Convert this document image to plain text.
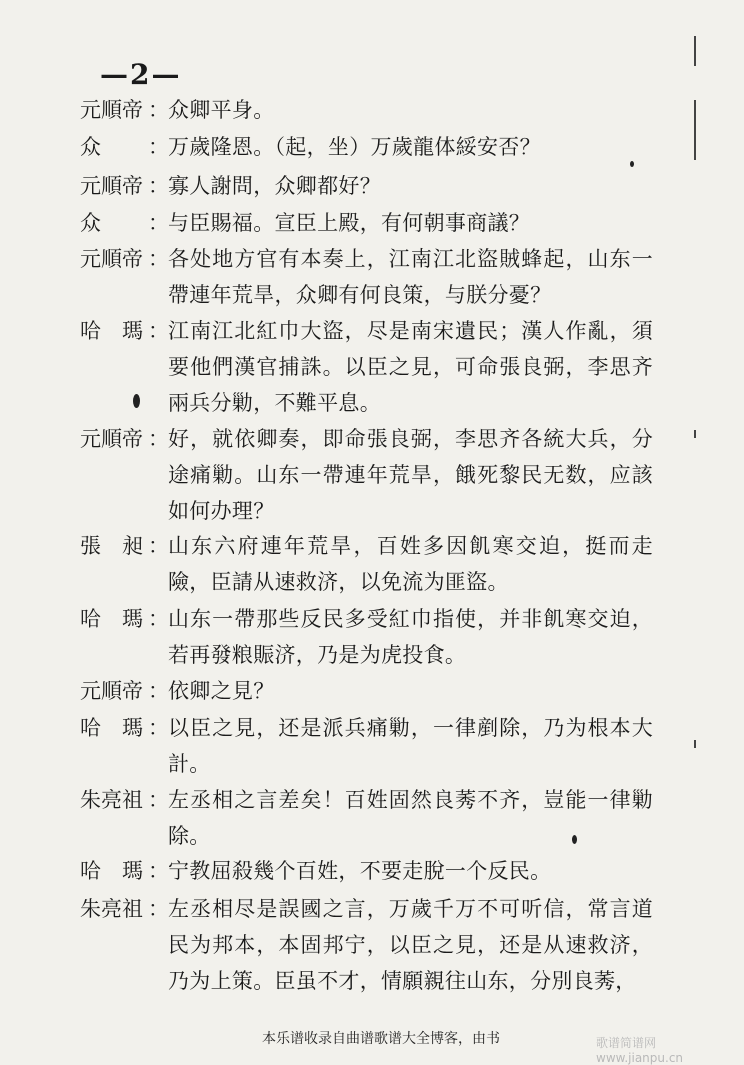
—2—
元順帝 ： 众卿平身。
众	： 万歲隆恩。（起，坐）万歲龍体綏安否？
元順帝 ： 寡人謝問，众卿都好？
众	： 与臣賜福。宣臣上殿，有何朝事商議？
元順帝 ： 各处地方官有本奏上，江南江北盜賊蜂起，山东一帶連年荒旱，众卿有何良策，与朕分憂？
哈　瑪 ： 江南江北紅巾大盜，尽是南宋遺民；漢人作亂，須要他們漢官捕誅。以臣之見，可命張良弼，李思齐兩兵分勦，不難平息。
元順帝 ： 好，就依卿奏，即命張良弼，李思齐各統大兵，分途痛勦。山东一帶連年荒旱，餓死黎民无数，应該如何办理？
張　昶 ： 山东六府連年荒旱，百姓多因飢寒交迫，挺而走險，臣請从速救济，以免流为匪盜。
哈　瑪 ： 山东一帶那些反民多受紅巾指使，并非飢寒交迫，若再發粮賑济，乃是为虎投食。
元順帝 ： 依卿之見？
哈　瑪 ： 以臣之見，还是派兵痛勦，一律剷除，乃为根本大計。
朱亮祖 ： 左丞相之言差矣！百姓固然良莠不齐，豈能一律勦除。
哈　瑪 ： 宁教屈殺幾个百姓，不要走脫一个反民。
朱亮祖 ： 左丞相尽是誤國之言，万歲千万不可听信，常言道民为邦本，本固邦宁，以臣之見，还是从速救济，乃为上策。臣虽不才，情願親往山东，分別良莠，
本乐谱收录自曲谱歌谱大全博客，由书	歌谱简谱网 www.jianpu.cn
